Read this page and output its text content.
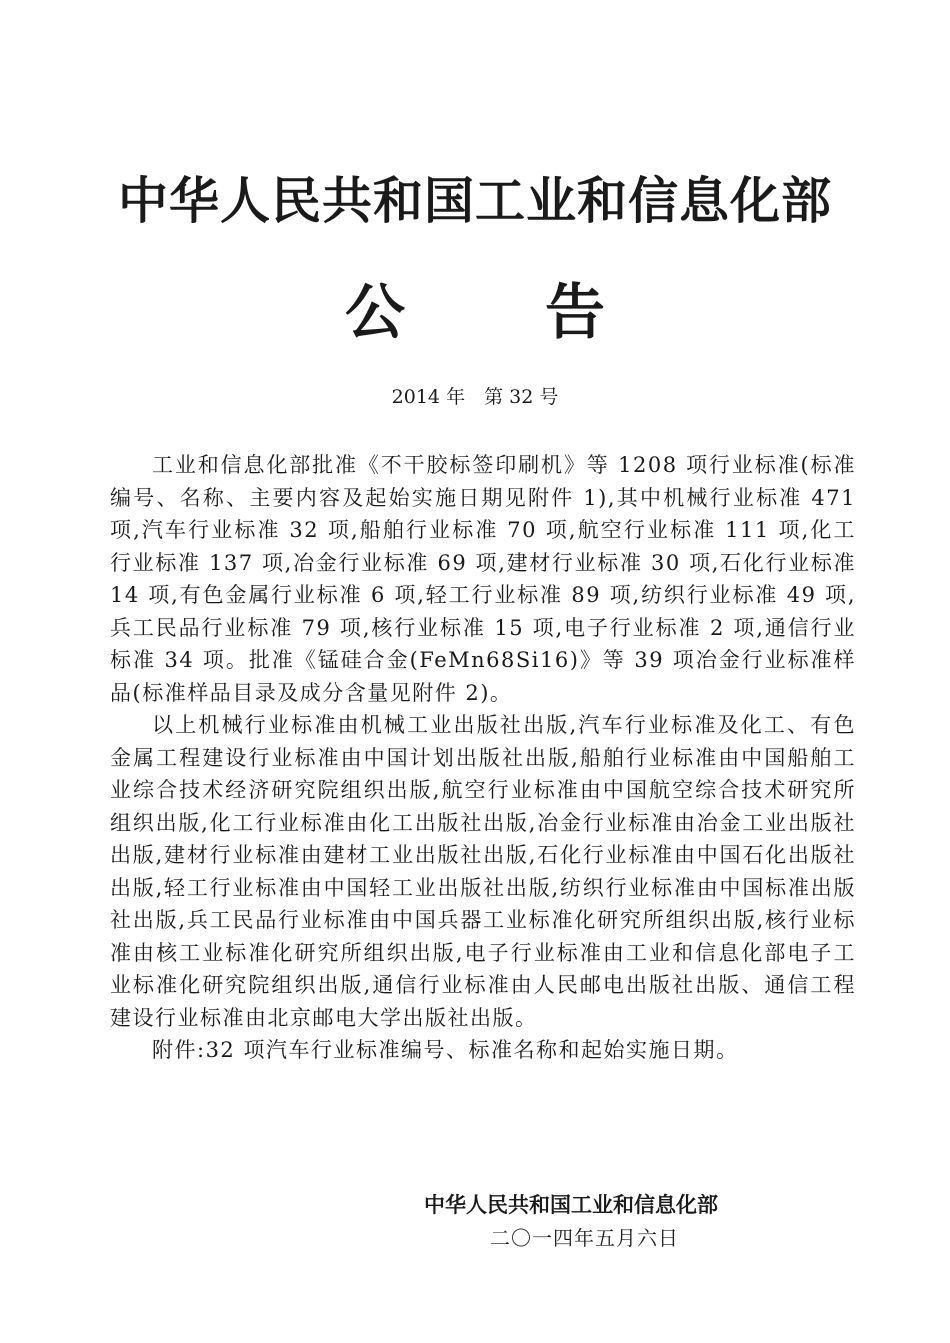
中华人民共和国工业和信息化部
公告
2014 年　第 32 号

工业和信息化部批准《不干胶标签印刷机》等 1208 项行业标准(标准编号、名称、主要内容及起始实施日期见附件 1),其中机械行业标准 471 项,汽车行业标准 32 项,船舶行业标准 70 项,航空行业标准 111 项,化工行业标准 137 项,冶金行业标准 69 项,建材行业标准 30 项,石化行业标准 14 项,有色金属行业标准 6 项,轻工行业标准 89 项,纺织行业标准 49 项,兵工民品行业标准 79 项,核行业标准 15 项,电子行业标准 2 项,通信行业标准 34 项。批准《锰硅合金(FeMn68Si16)》等 39 项冶金行业标准样品(标准样品目录及成分含量见附件 2)。

以上机械行业标准由机械工业出版社出版,汽车行业标准及化工、有色金属工程建设行业标准由中国计划出版社出版,船舶行业标准由中国船舶工业综合技术经济研究院组织出版,航空行业标准由中国航空综合技术研究所组织出版,化工行业标准由化工出版社出版,冶金行业标准由冶金工业出版社出版,建材行业标准由建材工业出版社出版,石化行业标准由中国石化出版社出版,轻工行业标准由中国轻工业出版社出版,纺织行业标准由中国标准出版社出版,兵工民品行业标准由中国兵器工业标准化研究所组织出版,核行业标准由核工业标准化研究所组织出版,电子行业标准由工业和信息化部电子工业标准化研究院组织出版,通信行业标准由人民邮电出版社出版、通信工程建设行业标准由北京邮电大学出版社出版。

附件:32 项汽车行业标准编号、标准名称和起始实施日期。

中华人民共和国工业和信息化部
二〇一四年五月六日
